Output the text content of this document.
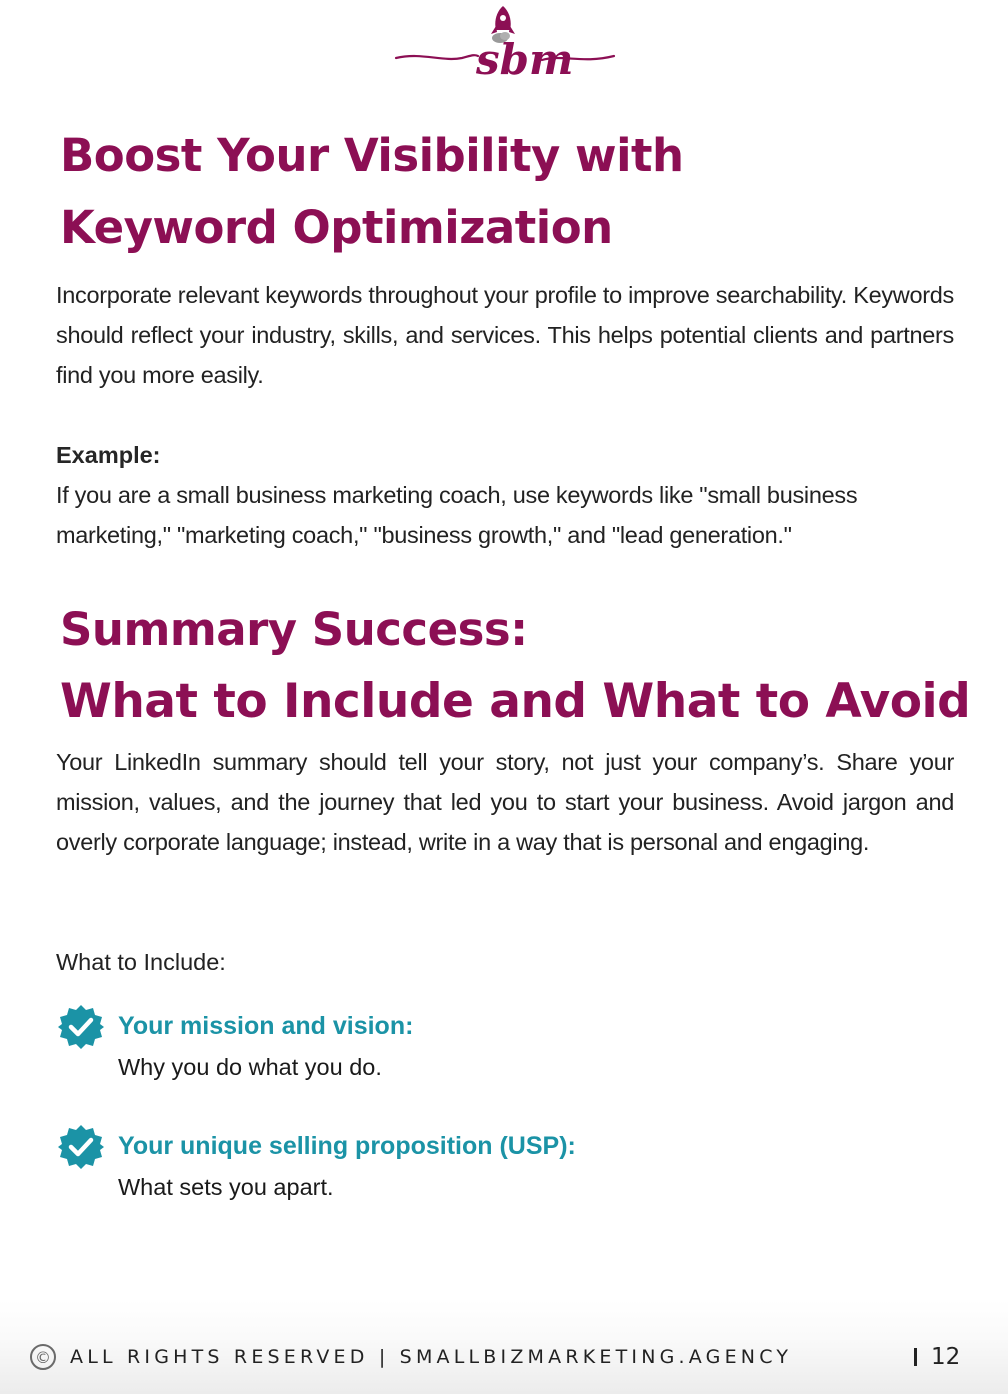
sbm
Boost Your Visibility with
Keyword Optimization

Incorporate relevant keywords throughout your profile to improve searchability. Keywords should reflect your industry, skills, and services. This helps potential clients and partners find you more easily.

Example:

If you are a small business marketing coach, use keywords like "small business marketing," "marketing coach," "business growth," and "lead generation."

Summary Success:
What to Include and What to Avoid

Your LinkedIn summary should tell your story, not just your company’s. Share your mission, values, and the journey that led you to start your business. Avoid jargon and overly corporate language; instead, write in a way that is personal and engaging.

What to Include:
Your mission and vision:
Why you do what you do.
Your unique selling proposition (USP):
What sets you apart.
© ALL RIGHTS RESERVED | SMALLBIZMARKETING.AGENCY	12
